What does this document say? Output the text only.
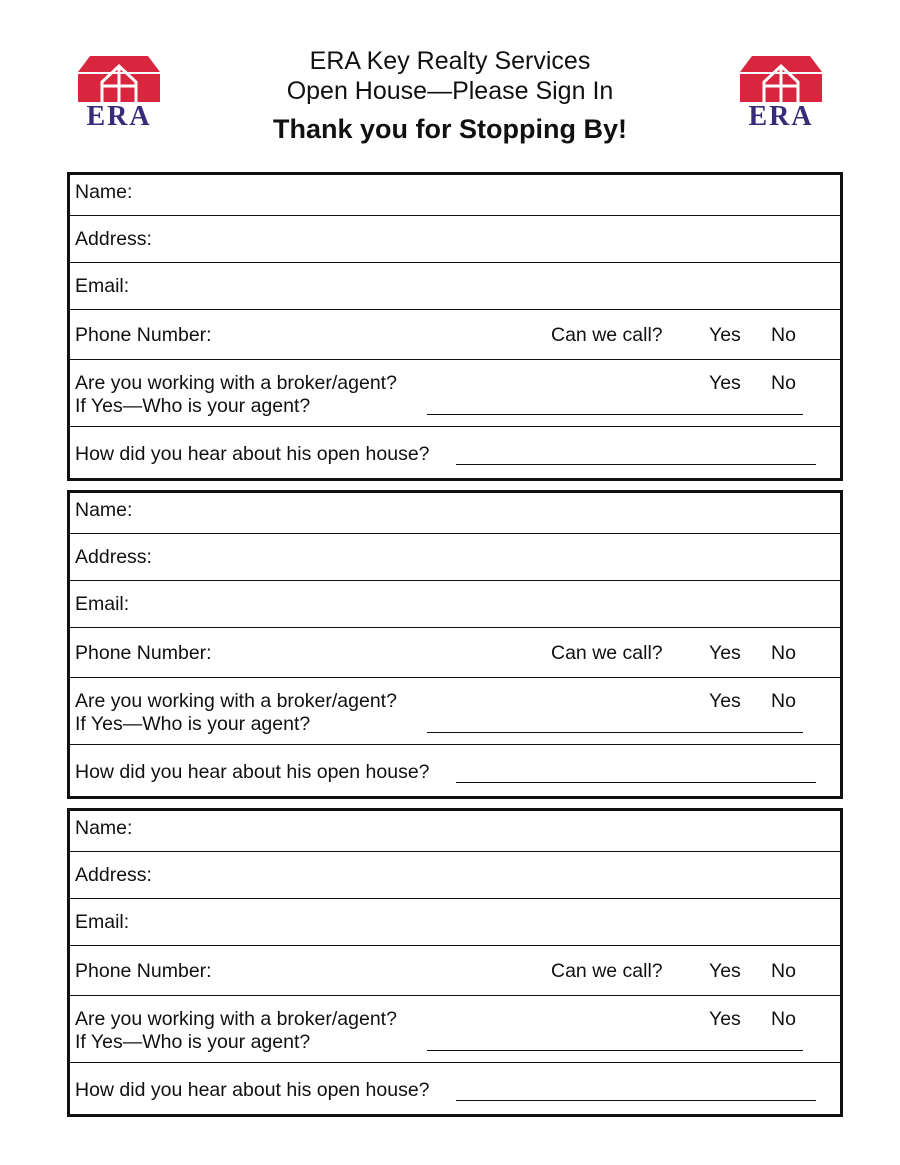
ERA	ERA
ERA Key Realty Services
Open House—Please Sign In
Thank you for Stopping By!
Name:
Address:
Email:
Phone Number:	Can we call? Yes No
Are you working with a broker/agent?
If Yes—Who is your agent?
Yes No
How did you hear about his open house?
Name:
Address:
Email:
Phone Number:	Can we call? Yes No
Are you working with a broker/agent?
If Yes—Who is your agent?
Yes No
How did you hear about his open house?
Name:
Address:
Email:
Phone Number:	Can we call? Yes No
Are you working with a broker/agent?
If Yes—Who is your agent?
Yes No
How did you hear about his open house?
